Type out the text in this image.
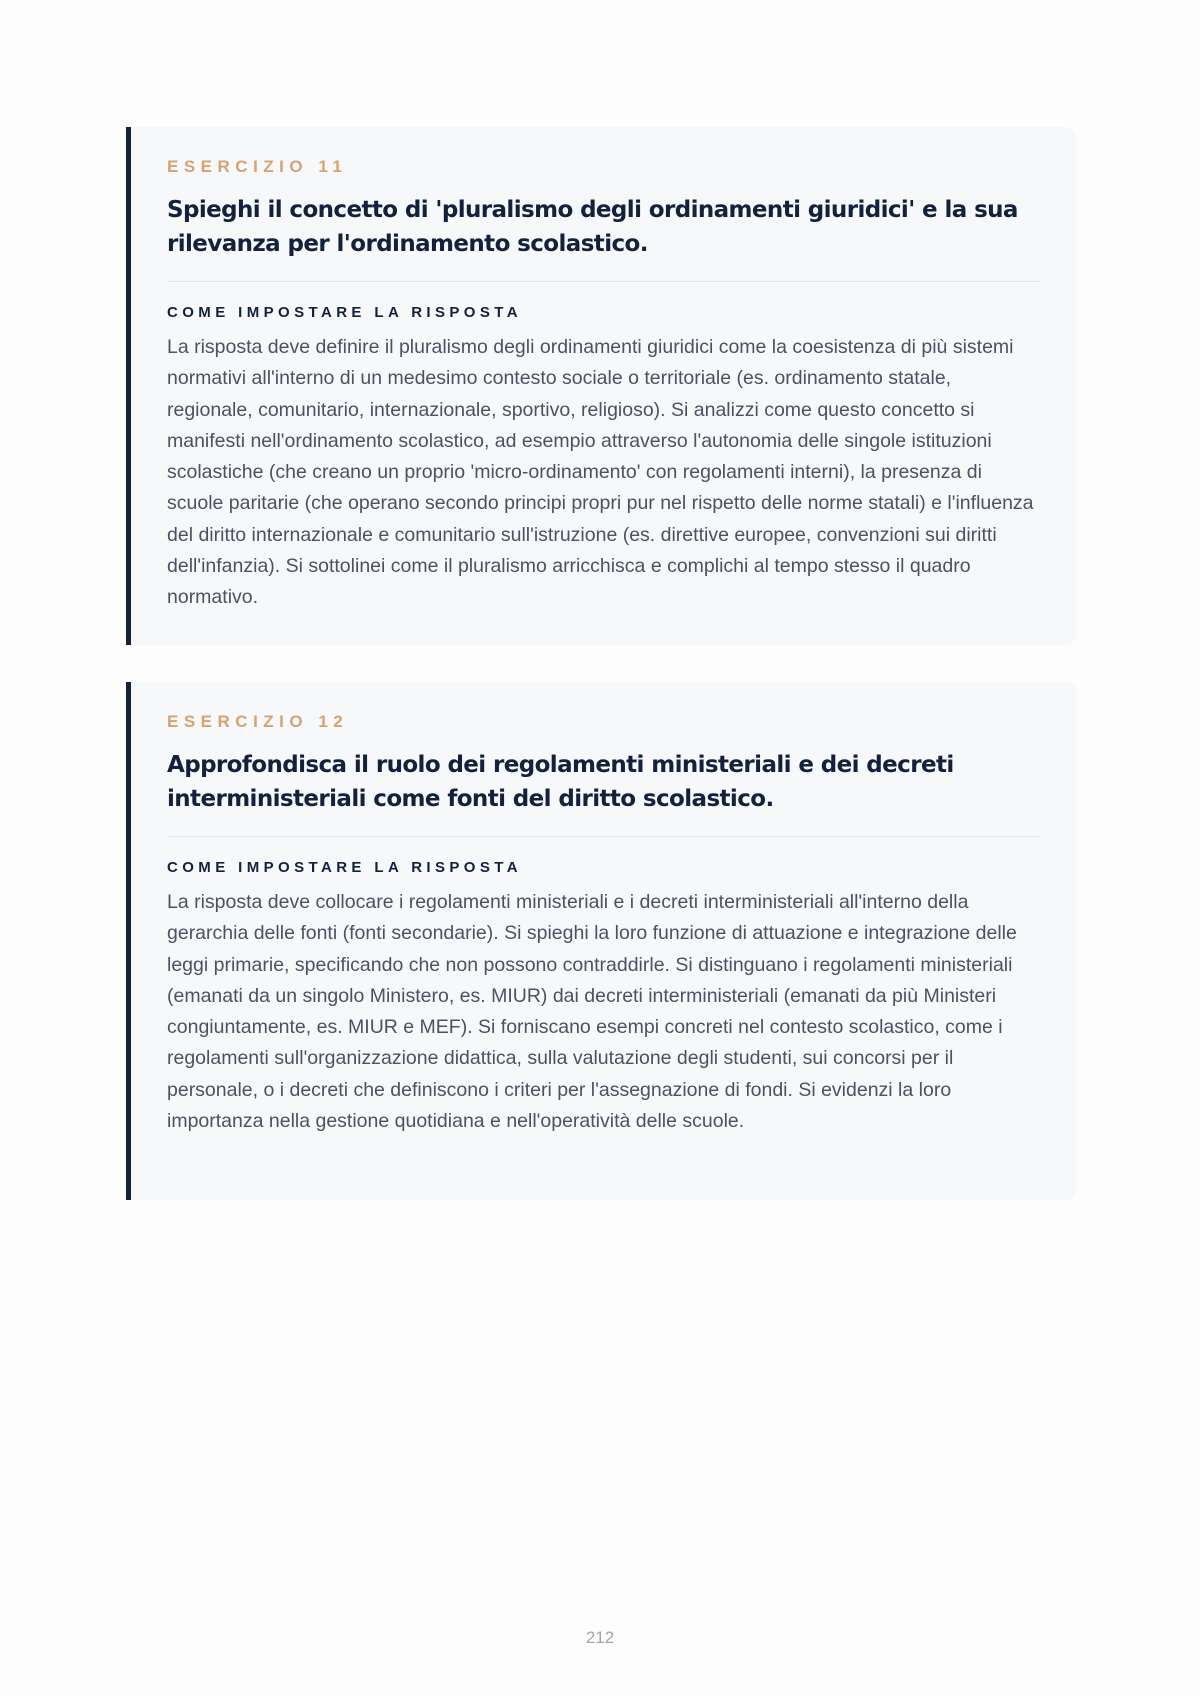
ESERCIZIO 11
Spieghi il concetto di 'pluralismo degli ordinamenti giuridici' e la sua rilevanza per l'ordinamento scolastico.
COME IMPOSTARE LA RISPOSTA

La risposta deve definire il pluralismo degli ordinamenti giuridici come la coesistenza di più sistemi normativi all'interno di un medesimo contesto sociale o territoriale (es. ordinamento statale, regionale, comunitario, internazionale, sportivo, religioso). Si analizzi come questo concetto si manifesti nell'ordinamento scolastico, ad esempio attraverso l'autonomia delle singole istituzioni scolastiche (che creano un proprio 'micro-ordinamento' con regolamenti interni), la presenza di scuole paritarie (che operano secondo principi propri pur nel rispetto delle norme statali) e l'influenza del diritto internazionale e comunitario sull'istruzione (es. direttive europee, convenzioni sui diritti dell'infanzia). Si sottolinei come il pluralismo arricchisca e complichi al tempo stesso il quadro normativo.

ESERCIZIO 12
Approfondisca il ruolo dei regolamenti ministeriali e dei decreti interministeriali come fonti del diritto scolastico.
COME IMPOSTARE LA RISPOSTA

La risposta deve collocare i regolamenti ministeriali e i decreti interministeriali all'interno della gerarchia delle fonti (fonti secondarie). Si spieghi la loro funzione di attuazione e integrazione delle leggi primarie, specificando che non possono contraddirle. Si distinguano i regolamenti ministeriali (emanati da un singolo Ministero, es. MIUR) dai decreti interministeriali (emanati da più Ministeri congiuntamente, es. MIUR e MEF). Si forniscano esempi concreti nel contesto scolastico, come i regolamenti sull'organizzazione didattica, sulla valutazione degli studenti, sui concorsi per il personale, o i decreti che definiscono i criteri per l'assegnazione di fondi. Si evidenzi la loro importanza nella gestione quotidiana e nell'operatività delle scuole.

212
